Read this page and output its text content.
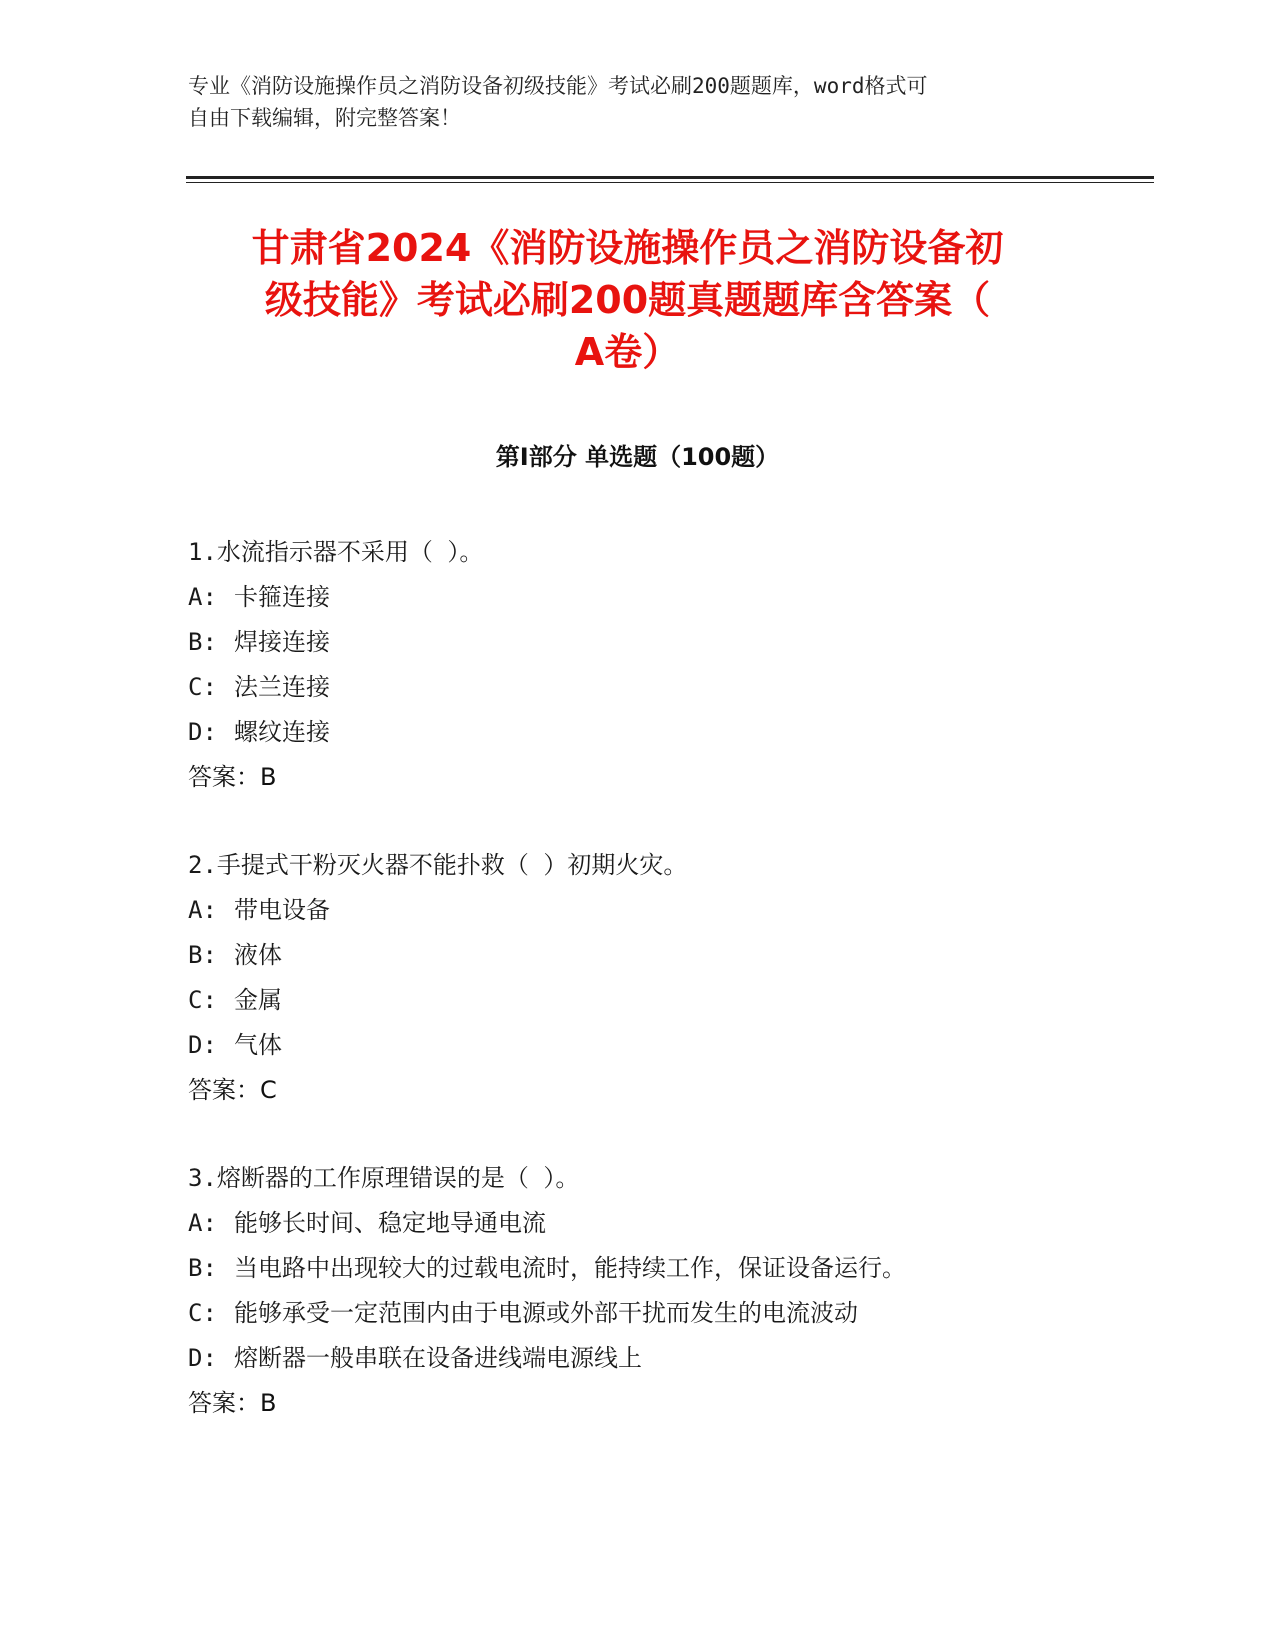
专业《消防设施操作员之消防设备初级技能》考试必刷200题题库，word格式可
自由下载编辑，附完整答案！
甘肃省2024《消防设施操作员之消防设备初
级技能》考试必刷200题真题题库含答案（
A卷）
第I部分 单选题（100题）
1.水流指示器不采用（ ）。
A: 卡箍连接
B: 焊接连接
C: 法兰连接
D: 螺纹连接
答案：B
2.手提式干粉灭火器不能扑救（ ）初期火灾。
A: 带电设备
B: 液体
C: 金属
D: 气体
答案：C
3.熔断器的工作原理错误的是（ ）。
A: 能够长时间、稳定地导通电流
B: 当电路中出现较大的过载电流时，能持续工作，保证设备运行。
C: 能够承受一定范围内由于电源或外部干扰而发生的电流波动
D: 熔断器一般串联在设备进线端电源线上
答案：B
